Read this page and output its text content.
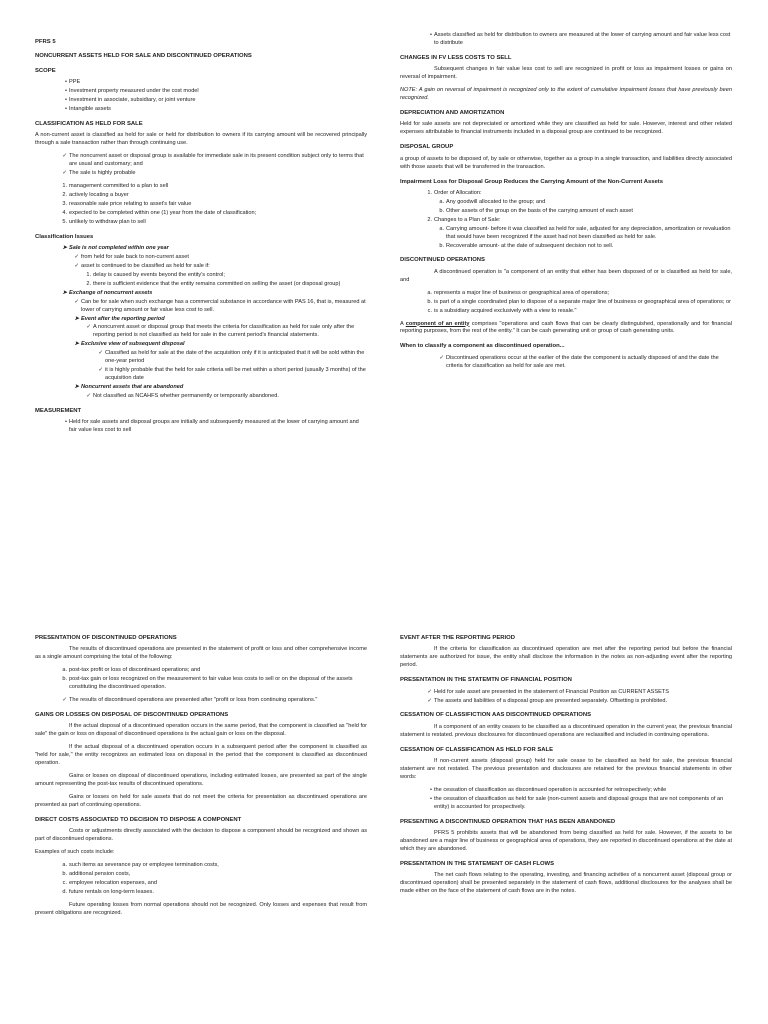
PFRS 5
NONCURRENT ASSETS HELD FOR SALE AND DISCONTINUED OPERATIONS
SCOPE
• PPE
• Investment property measured under the cost model
• Investment in associate, subsidiary, or joint venture
• Intangible assets
CLASSIFICATION AS HELD FOR SALE

A non-current asset is classified as held for sale or held for distribution to owners if its carrying amount will be recovered principally through a sale transaction rather than through continuing use.

✓ The noncurrent asset or disposal group is available for immediate sale in its present condition subject only to terms that are usual and customary; and
✓ The sale is highly probable
1. management committed to a plan to sell
2. actively locating a buyer
3. reasonable sale price relating to asset's fair value
4. expected to be completed within one (1) year from the date of classification;
5. unlikely to withdraw plan to sell
Classification Issues
➤ Sale is not completed within one year
✓ from held for sale back to non-current asset
✓ asset is continued to be classified as held for sale if:
1. delay is caused by events beyond the entity's control;
2. there is sufficient evidence that the entity remains committed on selling the asset (or disposal group)
➤ Exchange of noncurrent assets
✓ Can be for sale when such exchange has a commercial substance in accordance with PAS 16, that is, measured at lower of carrying amount or fair value less cost to sell.
➤ Event after the reporting period
✓ A noncurrent asset or disposal group that meets the criteria for classification as held for sale only after the reporting period is not classified as held for sale in the current period's financial statements.
➤ Exclusive view of subsequent disposal
✓ Classified as held for sale at the date of the acquisition only if it is anticipated that it will be sold within the one-year period
✓ it is highly probable that the held for sale criteria will be met within a short period (usually 3 months) of the acquisition date
➤ Noncurrent assets that are abandoned
✓ Not classified as NCAHFS whether permanently or temporarily abandoned.
MEASUREMENT
• Held for sale assets and disposal groups are initially and subsequently measured at the lower of carrying amount and fair value less cost to sell
• Assets classified as held for distribution to owners are measured at the lower of carrying amount and fair value less cost to distribute
CHANGES IN FV LESS COSTS TO SELL

Subsequent changes in fair value less cost to sell are recognized in profit or loss as impairment losses or gains on reversal of impairment.

NOTE: A gain on reversal of impairment is recognized only to the extent of cumulative impairment losses that have previously been recognized.

DEPRECIATION AND AMORTIZATION

Held for sale assets are not depreciated or amortized while they are classified as held for sale. However, interest and other related expenses attributable to financial instruments included in a disposal group are continued to be recognized.

DISPOSAL GROUP

a group of assets to be disposed of, by sale or otherwise, together as a group in a single transaction, and liabilities directly associated with those assets that will be transferred in the transaction.

Impairment Loss for Disposal Group Reduces the Carrying Amount of the Non-Current Assets
1. Order of Allocation:
a. Any goodwill allocated to the group; and
b. Other assets of the group on the basis of the carrying amount of each asset
2. Changes to a Plan of Sale:
a. Carrying amount- before it was classified as held for sale, adjusted for any depreciation, amortization or revaluation that would have been recognized if the asset had not been classified as held for sale.
b. Recoverable amount- at the date of subsequent decision not to sell.
DISCONTINUED OPERATIONS

A discontinued operation is "a component of an entity that either has been disposed of or is classified as held for sale, and

a. represents a major line of business or geographical area of operations;
b. is part of a single coordinated plan to dispose of a separate major line of business or geographical area of operations; or
c. is a subsidiary acquired exclusively with a view to resale."

A component of an entity comprises "operations and cash flows that can be clearly distinguished, operationally and for financial reporting purposes, from the rest of the entity." It can be cash generating unit or group of cash generating units.

When to classify a component as discontinued operation...
✓ Discontinued operations occur at the earlier of the date the component is actually disposed of and the date the criteria for classification as held for sale are met.
PRESENTATION OF DISCONTINUED OPERATIONS

The results of discontinued operations are presented in the statement of profit or loss and other comprehensive income as a single amount comprising the total of the following:

a. post-tax profit or loss of discontinued operations; and
b. post-tax gain or loss recognized on the measurement to fair value less costs to sell or on the disposal of the assets constituting the discontinued operation.
✓ The results of discontinued operations are presented after "profit or loss from continuing operations."
GAINS OR LOSSES ON DISPOSAL OF DISCONTINUED OPERATIONS

If the actual disposal of a discontinued operation occurs in the same period, that the component is classified as "held for sale" the gain or loss on disposal of discontinued operations is the actual gain or loss on the disposal.

If the actual disposal of a discontinued operation occurs in a subsequent period after the component is classified as "held for sale," the entity recognizes an estimated loss on disposal in the period that the component is classified as discontinued operation.

Gains or losses on disposal of discontinued operations, including estimated losses, are presented as part of the single amount representing the post-tax results of discontinued operations.

Gains or losses on held for sale assets that do not meet the criteria for presentation as discontinued operations are presented as part of continuing operations.

DIRECT COSTS ASSOCIATED TO DECISION TO DISPOSE A COMPONENT

Costs or adjustments directly associated with the decision to dispose a component should be recognized and shown as part of discontinued operations.

Examples of such costs include:

a. such items as severance pay or employee termination costs,
b. additional pension costs,
c. employee relocation expenses, and
d. future rentals on long-term leases.

Future operating losses from normal operations should not be recognized. Only losses and expenses that result from present obligations are recognized.

EVENT AFTER THE REPORTING PERIOD

If the criteria for classification as discontinued operation are met after the reporting period but before the financial statements are authorized for issue, the entity shall disclose the information in the notes as non-adjusting event after the reporting period.

PRESENTATION IN THE STATEMTN OF FINANCIAL POSITION
✓ Held for sale asset are presented in the statement of Financial Position as CURRENT ASSETS
✓ The assets and liabilities of a disposal group are presented separately. Offsetting is prohibited.
CESSATION OF CLASSIFICTION AAS DISCONTINUED OPERATIONS

If a component of an entity ceases to be classified as a discontinued operation in the current year, the previous financial statement is restated. previous disclosures for discontinued operations are reclassified and included in continuing operations.

CESSATION OF CLASSIFICATION AS HELD FOR SALE

If non-current assets (disposal group) held for sale cease to be classified as held for sale, the previous financial statement are not restated. The previous presentation and disclosures are retained for the previous financial statements in other words:

• the cessation of classification as discontinued operation is accounted for retrospectively; while
• the cessation of classification as held for sale (non-current assets and disposal groups that are not components of an entity) is accounted for prospectively.
PRESENTING A DISCONTINUED OPERATION THAT HAS BEEN ABANDONED

PFRS 5 prohibits assets that will be abandoned from being classified as held for sale. However, if the assets to be abandoned are a major line of business or geographical area of operations, they are reported in discontinued operations at the date at which they are abandoned.

PRESENTATION IN THE STATEMENT OF CASH FLOWS

The net cash flows relating to the operating, investing, and financing activities of a noncurrent asset (disposal group or discontinued operation) shall be presented separately in the statement of cash flows, additional disclosures for the analyses shall be made either on the face of the statement of cash flows are in the notes.
